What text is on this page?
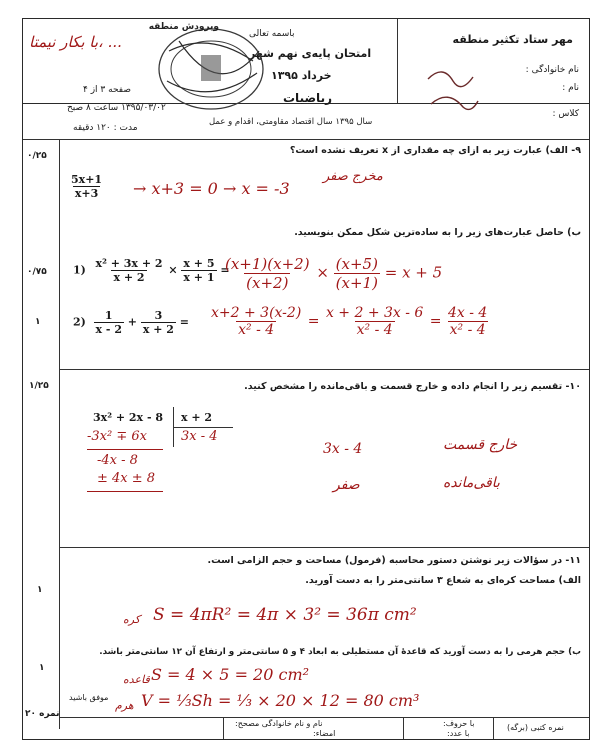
مهر ستاد تکثیر منطقه
نام خانوادگی :
نام :
کلاس :
باسمه تعالی
امتحان پایه‌ی نهم شهر
خرداد ۱۳۹۵
ریاضیات
سال ۱۳۹۵ سال اقتصاد مقاومتی، اقدام و عمل
صفحه ۳ از ۴
۱۳۹۵/۰۳/۰۲ ساعت ۸ صبح
مدت : ۱۲۰ دقیقه
با بکار نیمتا، ...
ویرودش منطقه
۰/۲۵	۹- الف) عبارت زیر به ازای چه مقداری از x تعریف نشده است؟
$\frac{5x+1}{x+3} \to x+3 = 0 \to x = -3$
مخرج صفر
ب) حاصل عبارت‌های زیر را به ساده‌ترین شکل ممکن بنویسید.
۰/۷۵ $1) \frac{\text{x² + 3x + 2}}{x + 2} \times \frac{x + 5}{x + 1}$ =
$\frac{(x+1)(x+2)}{(x+2)} \times \frac{(x+5)}{(x+1)} = x + 5$
۱	$2) \frac{1}{x - 2} + \frac{3}{x + 2} = \frac{x+2 + 3(x-2)}{\text{x² - 4}} = \frac{x + 2 + 3x - 6}{\text{x² - 4}} = \frac{4x - 4}{\text{x² - 4}}$
۱/۲۵	۱۰- تقسیم زیر را انجام داده و خارج قسمت و باقی‌مانده را مشخص کنید.
3x² + 2x - 8 x + 2
3x - 4
-3x² ∓ 6x
-4x - 8
± 4x ± 8
3x - 4	خارج قسمت
صفر	باقی‌مانده
۱۱- در سؤالات زیر نوشتن دستور محاسبه (فرمول) مساحت و حجم الزامی است.
الف) مساحت کره‌ای به شعاع ۳ سانتی‌متر را به دست آورید.
۱
کره S = 4πR² = 4π × 3² = 36π cm²
ب) حجم هرمی را به دست آورید که قاعدهٔ آن مستطیلی به ابعاد ۴ و ۵ سانتی‌متر و ارتفاع آن ۱۲ سانتی‌متر باشد.
۱
قاعده S = 4 × 5 = 20 cm²
هرم V = ⅓Sh = ⅓ × 20 × 12 = 80 cm³
موفق باشید
۲۰ نمره
نام و نام خانوادگی مصحح:
امضاء:
با حروف:
با عدد:
نمره کتبی (برگه)
